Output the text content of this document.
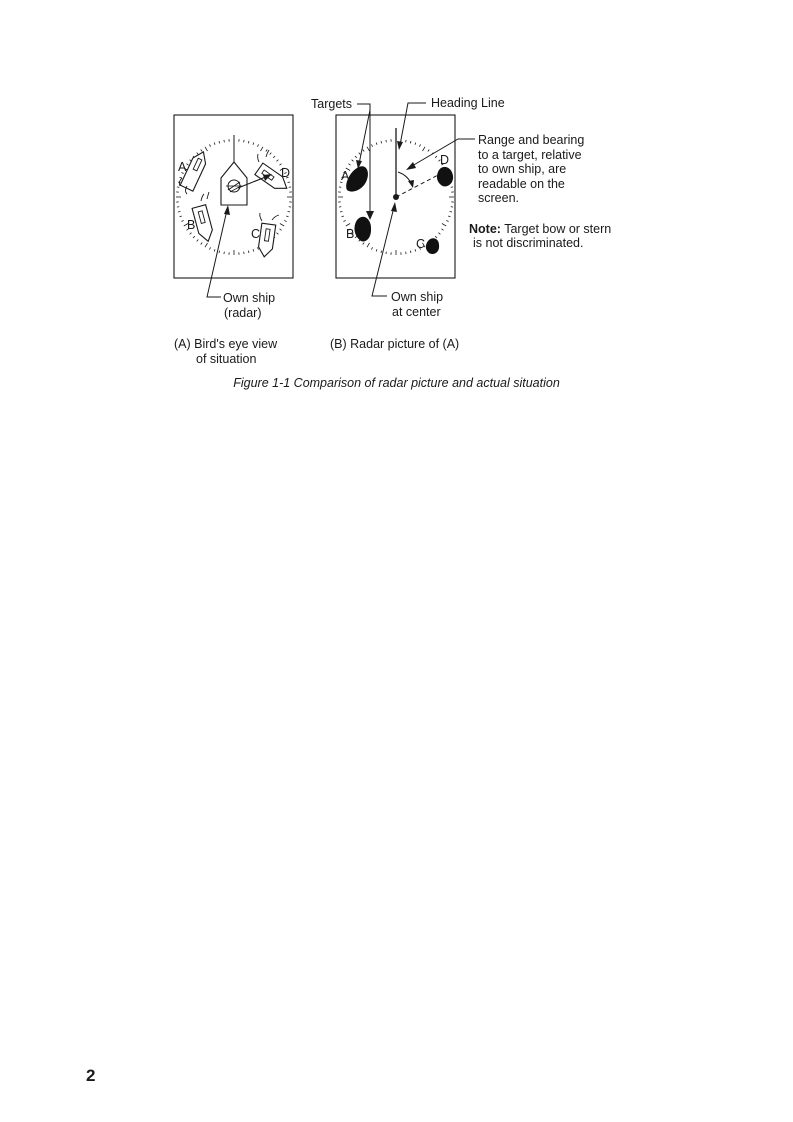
A
B
C
D
Own ship
(radar)
(A) Bird's eye view
of situation
A
B
C
D
Targets	Heading Line
Own ship
at center
(B) Radar picture of (A)
Range and bearing
to a target, relative
to own ship, are
readable on the
screen.
Note: Target bow or stern
is not discriminated.
Figure 1-1 Comparison of radar picture and actual situation
2
